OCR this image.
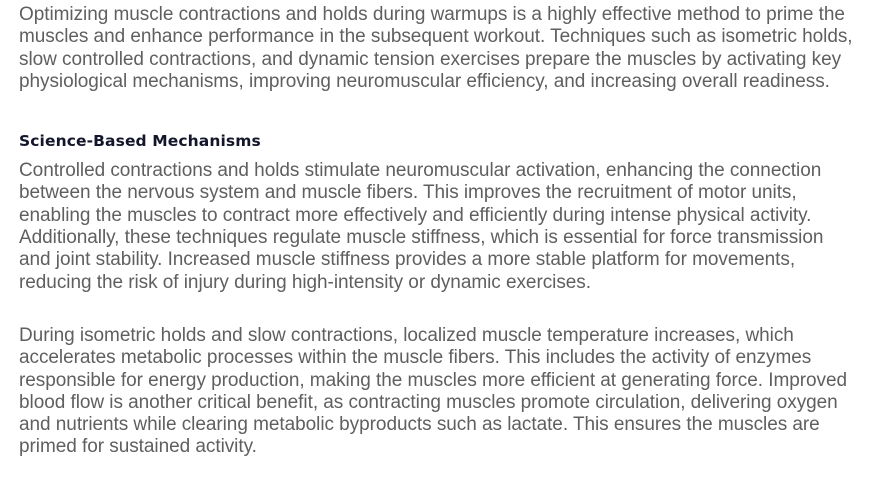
Optimizing muscle contractions and holds during warmups is a highly effective method to prime the muscles and enhance performance in the subsequent workout. Techniques such as isometric holds, slow controlled contractions, and dynamic tension exercises prepare the muscles by activating key physiological mechanisms, improving neuromuscular efficiency, and increasing overall readiness.

Science-Based Mechanisms

Controlled contractions and holds stimulate neuromuscular activation, enhancing the connection between the nervous system and muscle fibers. This improves the recruitment of motor units, enabling the muscles to contract more effectively and efficiently during intense physical activity. Additionally, these techniques regulate muscle stiffness, which is essential for force transmission and joint stability. Increased muscle stiffness provides a more stable platform for movements, reducing the risk of injury during high-intensity or dynamic exercises.

During isometric holds and slow contractions, localized muscle temperature increases, which accelerates metabolic processes within the muscle fibers. This includes the activity of enzymes responsible for energy production, making the muscles more efficient at generating force. Improved blood flow is another critical benefit, as contracting muscles promote circulation, delivering oxygen and nutrients while clearing metabolic byproducts such as lactate. This ensures the muscles are primed for sustained activity.
